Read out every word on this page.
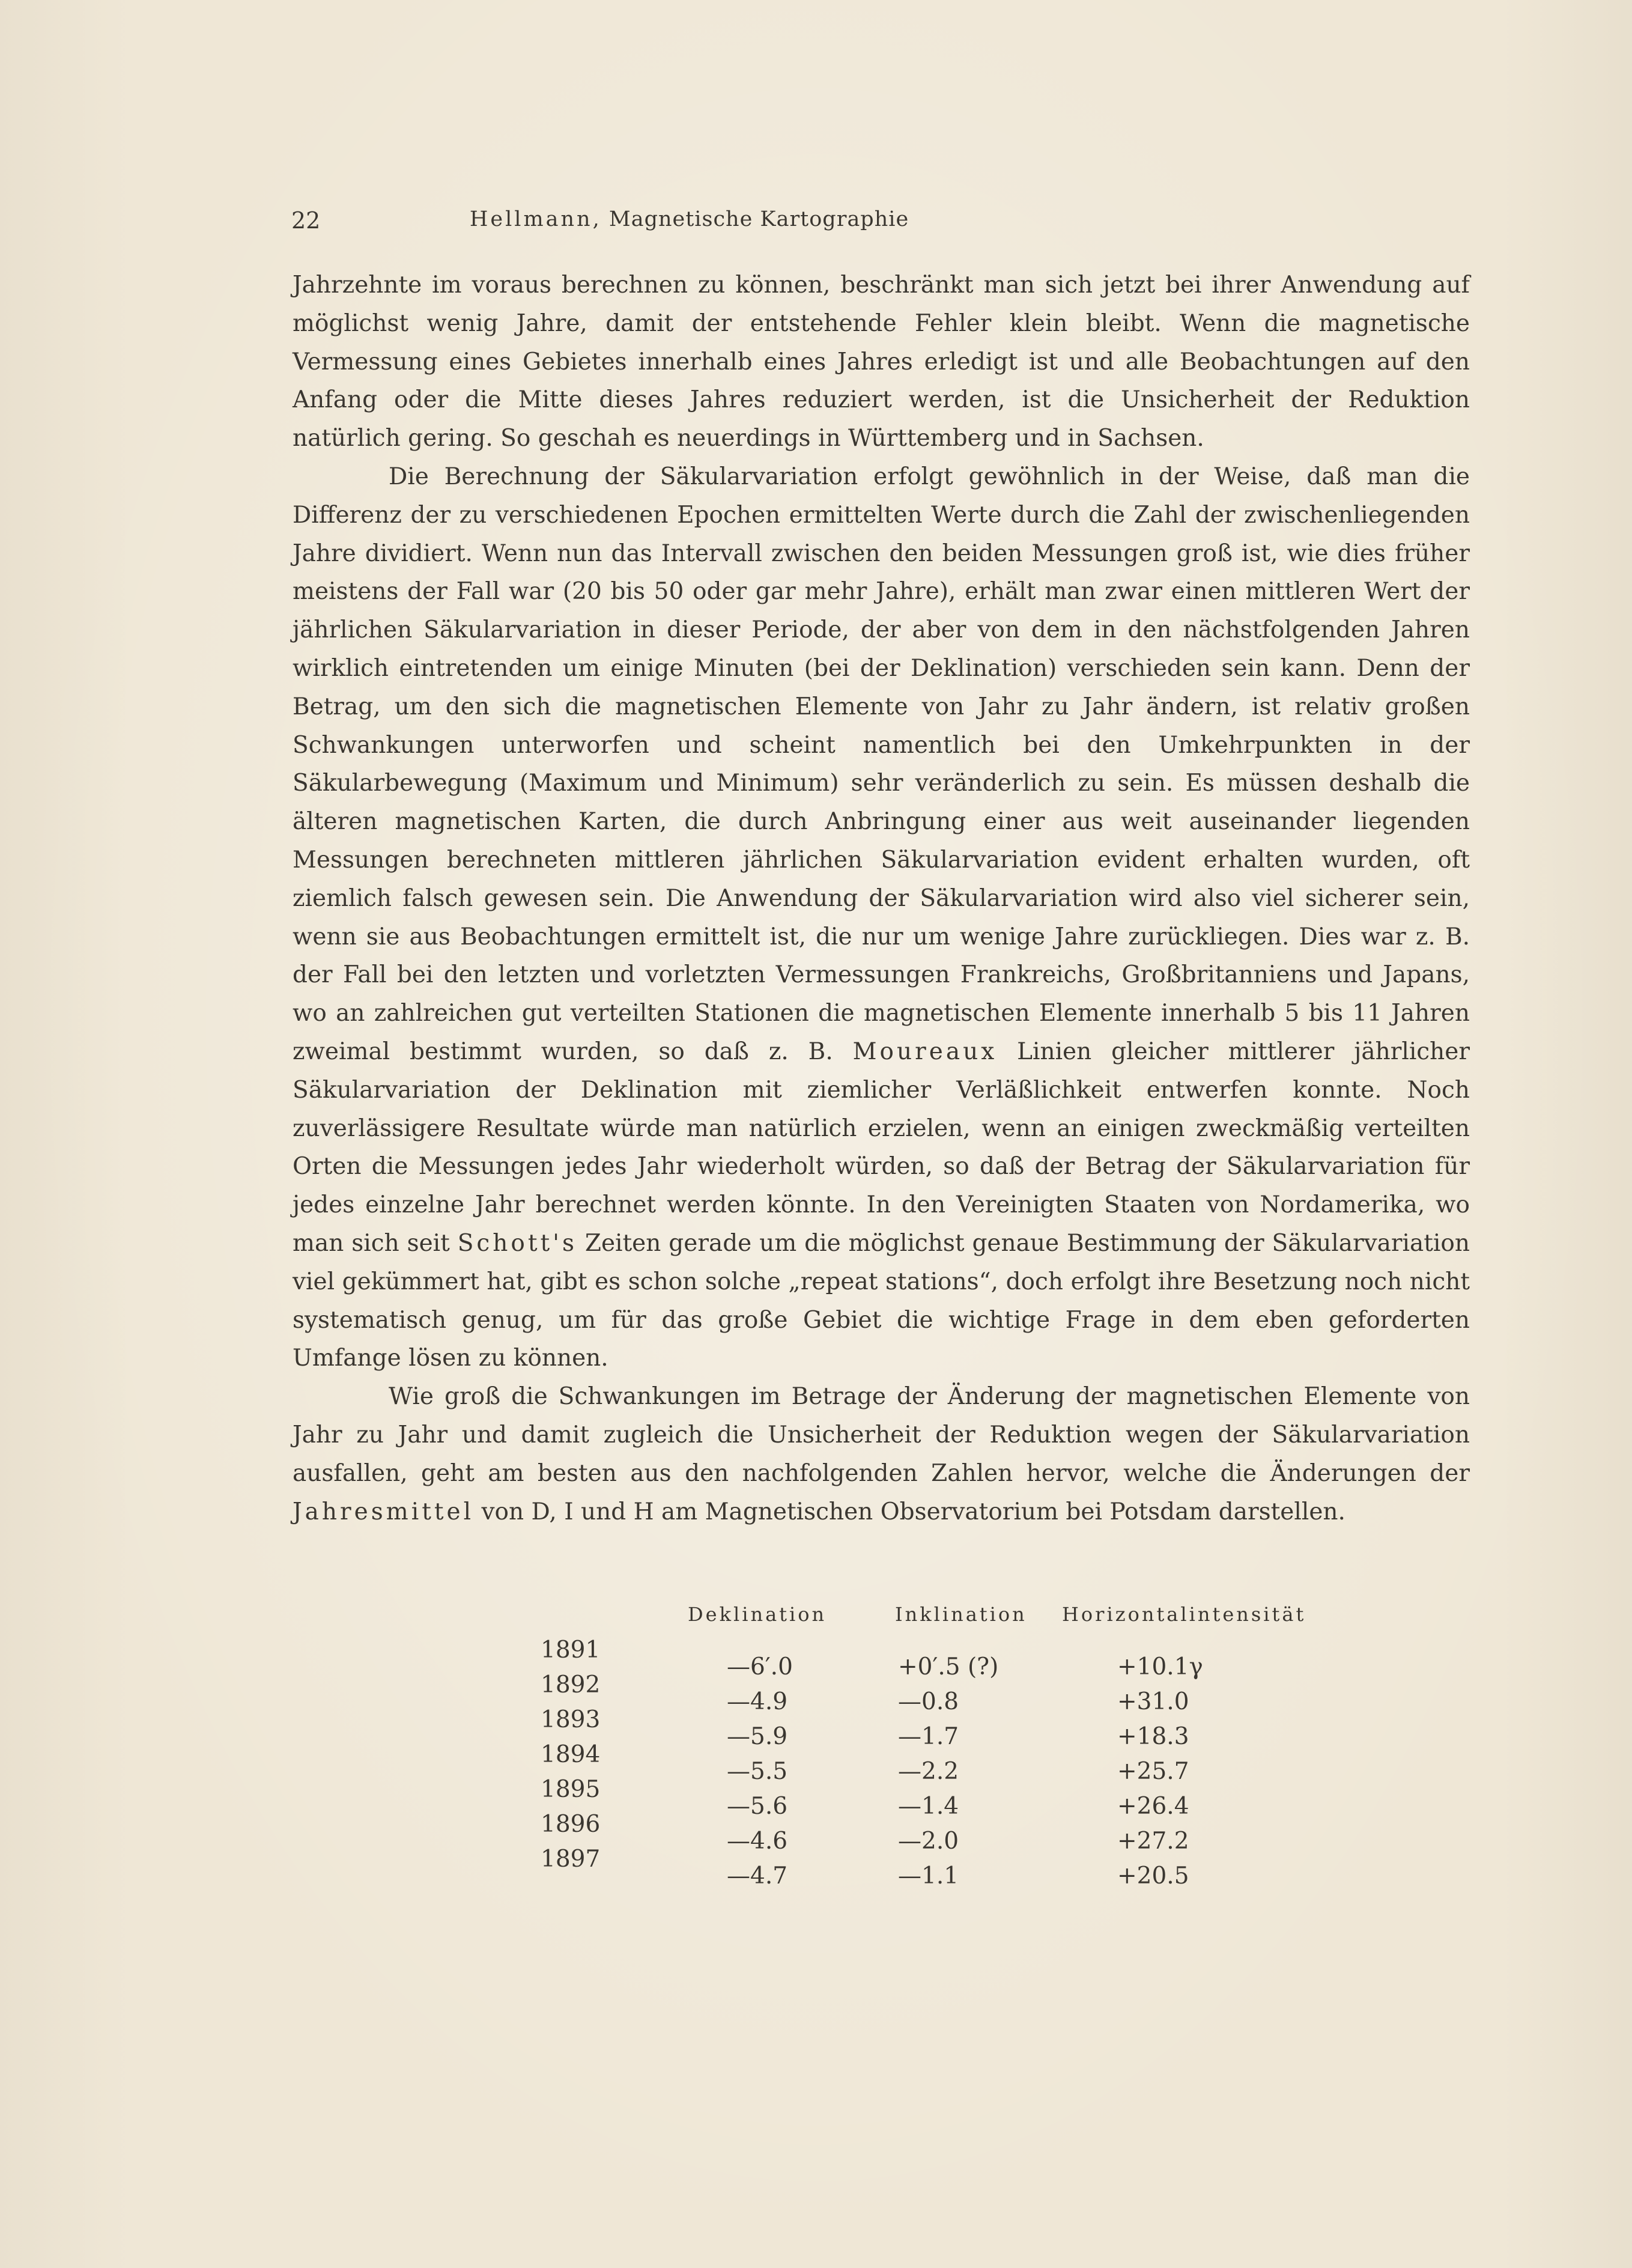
22	Hellmann, Magnetische Kartographie

Jahrzehnte im voraus berechnen zu können, beschränkt man sich jetzt bei ihrer Anwendung auf möglichst wenig Jahre, damit der entstehende Fehler klein bleibt. Wenn die magnetische Vermessung eines Gebietes innerhalb eines Jahres erledigt ist und alle Beobachtungen auf den Anfang oder die Mitte dieses Jahres reduziert werden, ist die Unsicherheit der Reduktion natürlich gering. So geschah es neuerdings in Württemberg und in Sachsen.

Die Berechnung der Säkularvariation erfolgt gewöhnlich in der Weise, daß man die Differenz der zu verschiedenen Epochen ermittelten Werte durch die Zahl der zwischenliegenden Jahre dividiert. Wenn nun das Intervall zwischen den beiden Messungen groß ist, wie dies früher meistens der Fall war (20 bis 50 oder gar mehr Jahre), erhält man zwar einen mittleren Wert der jährlichen Säkularvariation in dieser Periode, der aber von dem in den nächstfolgenden Jahren wirklich eintretenden um einige Minuten (bei der Deklination) verschieden sein kann. Denn der Betrag, um den sich die magnetischen Elemente von Jahr zu Jahr ändern, ist relativ großen Schwankungen unterworfen und scheint namentlich bei den Umkehrpunkten in der Säkularbewegung (Maximum und Minimum) sehr veränderlich zu sein. Es müssen deshalb die älteren magnetischen Karten, die durch Anbringung einer aus weit auseinander liegenden Messungen berechneten mittleren jährlichen Säkularvariation evident erhalten wurden, oft ziemlich falsch gewesen sein. Die Anwendung der Säkularvariation wird also viel sicherer sein, wenn sie aus Beobachtungen ermittelt ist, die nur um wenige Jahre zurückliegen. Dies war z. B. der Fall bei den letzten und vorletzten Vermessungen Frankreichs, Großbritanniens und Japans, wo an zahlreichen gut verteilten Stationen die magnetischen Elemente innerhalb 5 bis 11 Jahren zweimal bestimmt wurden, so daß z. B. Moureaux Linien gleicher mittlerer jährlicher Säkularvariation der Deklination mit ziemlicher Verläßlichkeit entwerfen konnte. Noch zuverlässigere Resultate würde man natürlich erzielen, wenn an einigen zweckmäßig verteilten Orten die Messungen jedes Jahr wiederholt würden, so daß der Betrag der Säkularvariation für jedes einzelne Jahr berechnet werden könnte. In den Vereinigten Staaten von Nordamerika, wo man sich seit Schott's Zeiten gerade um die möglichst genaue Bestimmung der Säkularvariation viel gekümmert hat, gibt es schon solche „repeat stations“, doch erfolgt ihre Besetzung noch nicht systematisch genug, um für das große Gebiet die wichtige Frage in dem eben geforderten Umfange lösen zu können.

Wie groß die Schwankungen im Betrage der Änderung der magnetischen Elemente von Jahr zu Jahr und damit zugleich die Unsicherheit der Reduktion wegen der Säkularvariation ausfallen, geht am besten aus den nachfolgenden Zahlen hervor, welche die Änderungen der Jahresmittel von D, I und H am Magnetischen Observatorium bei Potsdam darstellen.

Deklination	Inklination Horizontalintensität
1891
1892
1893
1894
1895
1896
1897
—6′.0
—4.9
—5.9
—5.5
—5.6
—4.6
—4.7
+0′.5 (?)
—0.8
—1.7
—2.2
—1.4
—2.0
—1.1
+10.1γ
+31.0
+18.3
+25.7
+26.4
+27.2
+20.5
